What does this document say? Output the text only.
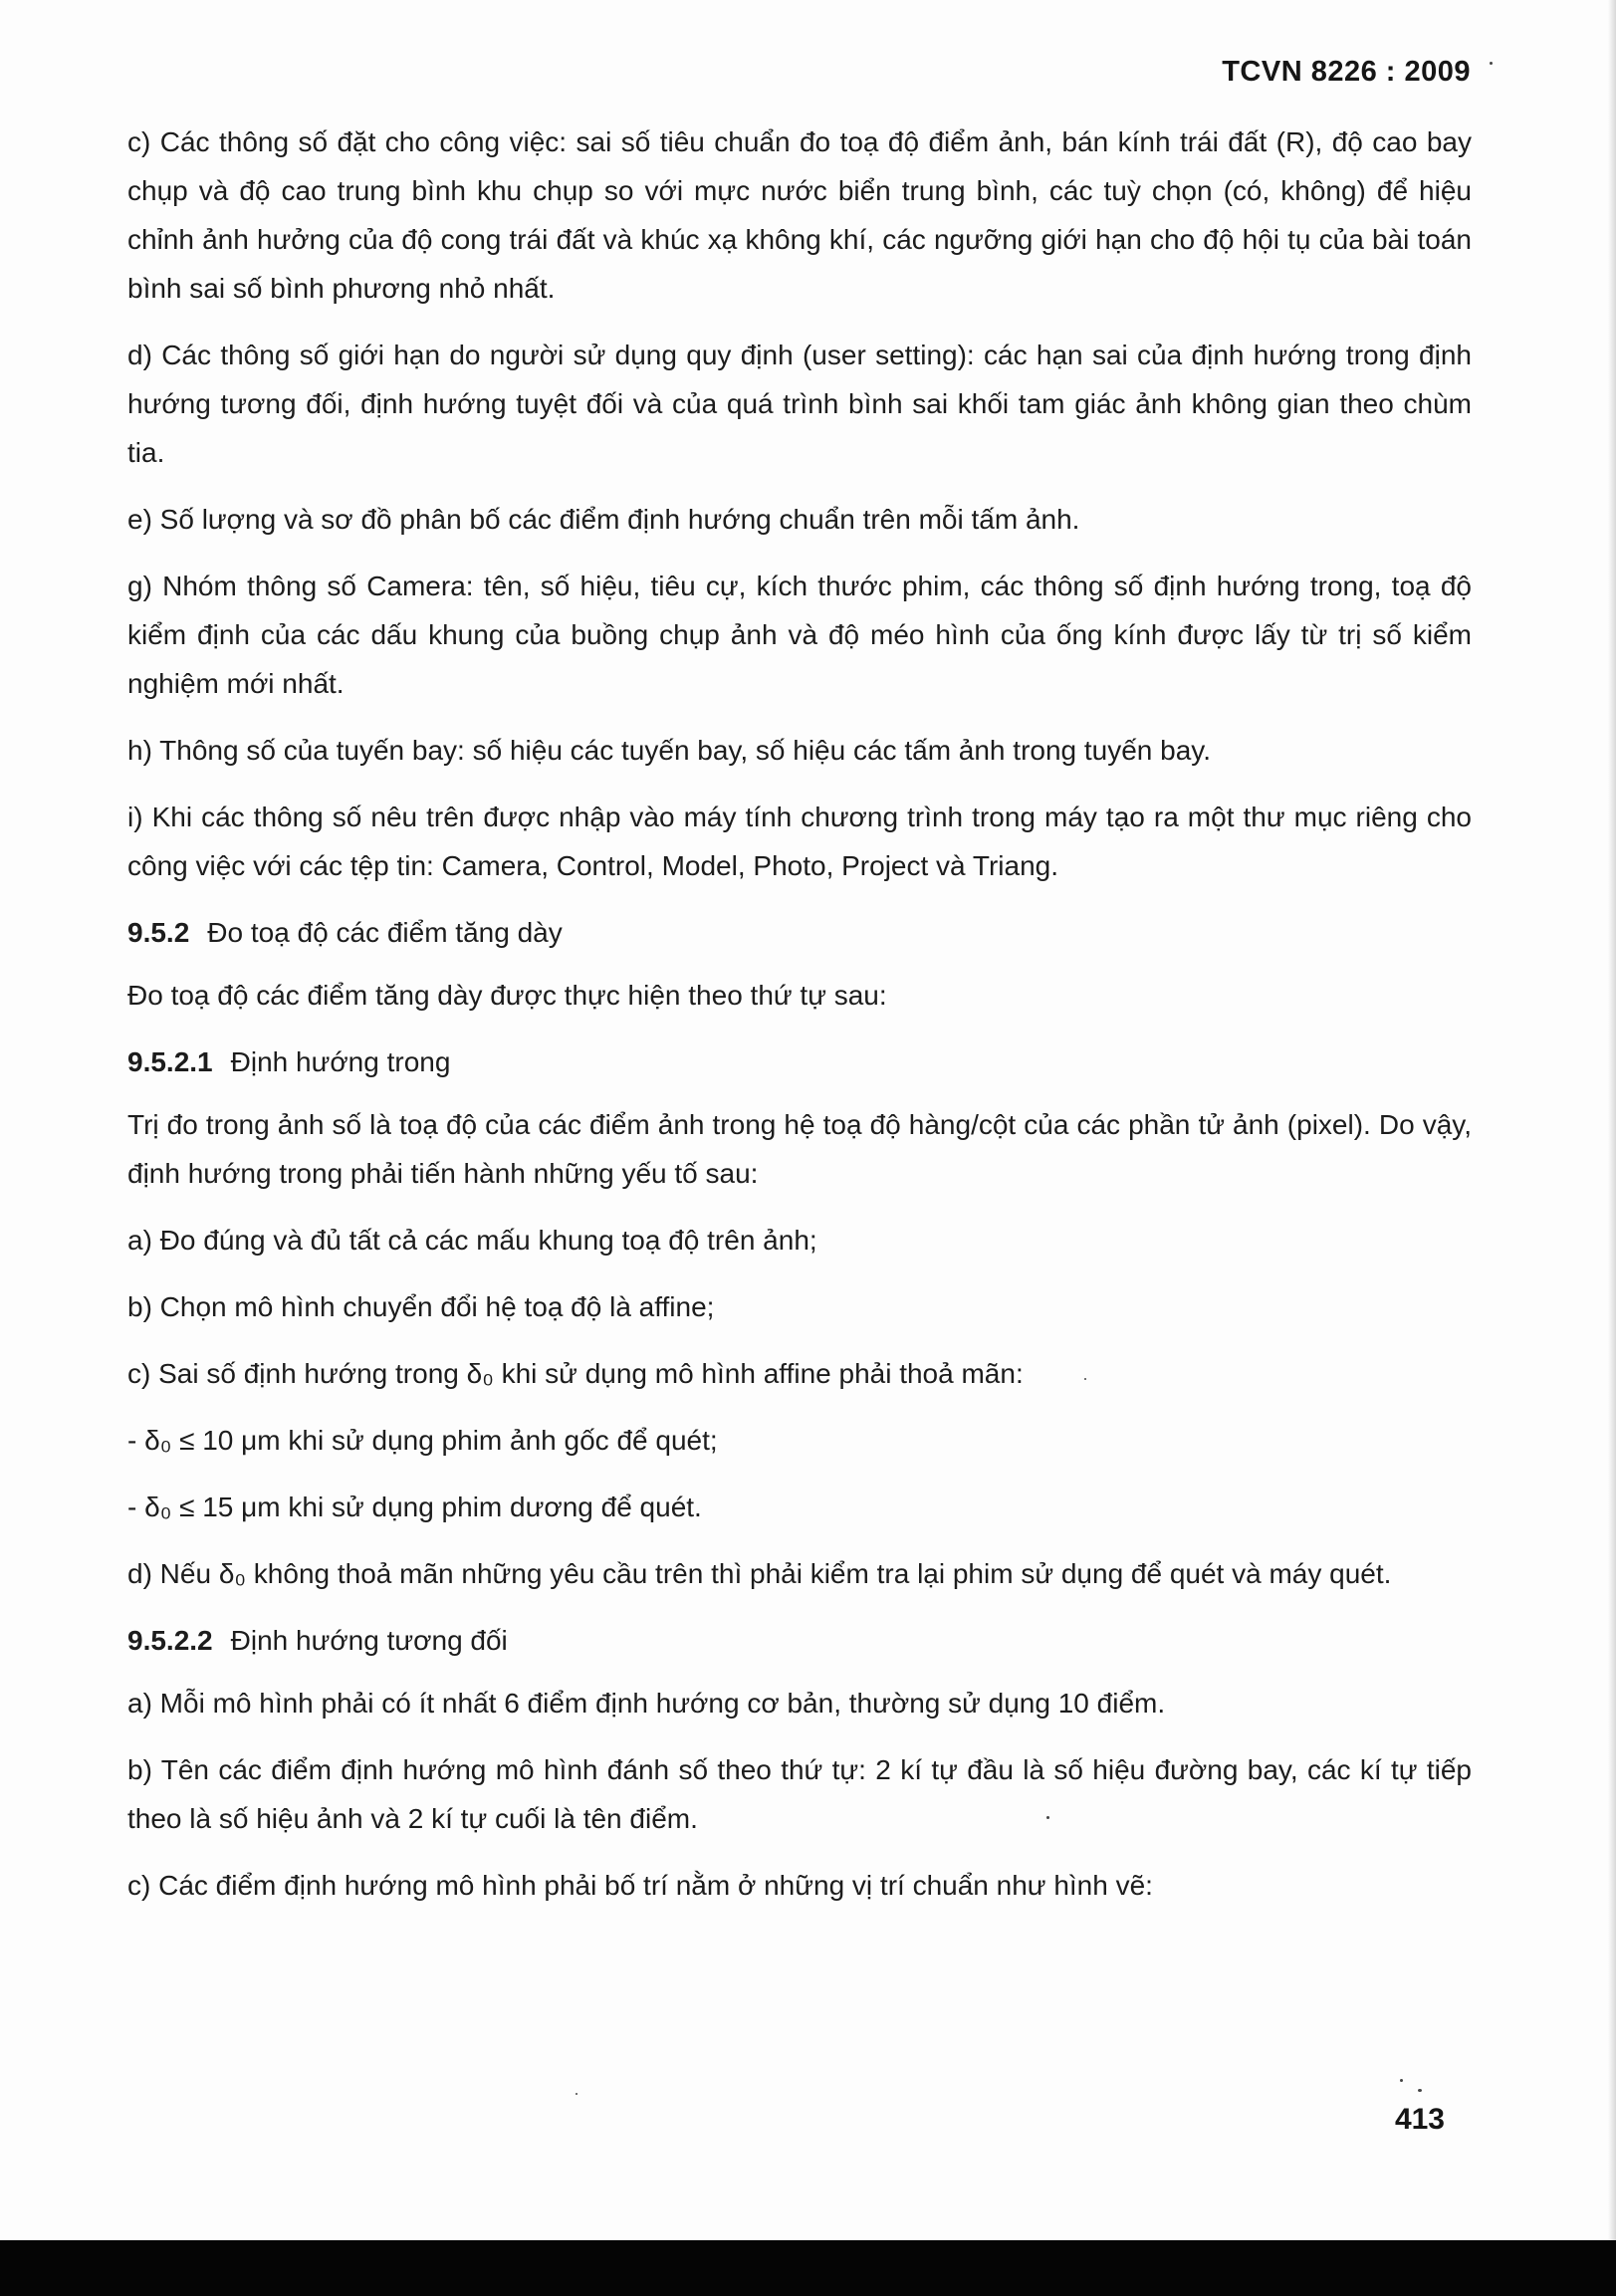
TCVN 8226 : 2009

c) Các thông số đặt cho công việc: sai số tiêu chuẩn đo toạ độ điểm ảnh, bán kính trái đất (R), độ cao bay chụp và độ cao trung bình khu chụp so với mực nước biển trung bình, các tuỳ chọn (có, không) để hiệu chỉnh ảnh hưởng của độ cong trái đất và khúc xạ không khí, các ngưỡng giới hạn cho độ hội tụ của bài toán bình sai số bình phương nhỏ nhất.

d) Các thông số giới hạn do người sử dụng quy định (user setting): các hạn sai của định hướng trong định hướng tương đối, định hướng tuyệt đối và của quá trình bình sai khối tam giác ảnh không gian theo chùm tia.

e) Số lượng và sơ đồ phân bố các điểm định hướng chuẩn trên mỗi tấm ảnh.

g) Nhóm thông số Camera: tên, số hiệu, tiêu cự, kích thước phim, các thông số định hướng trong, toạ độ kiểm định của các dấu khung của buồng chụp ảnh và độ méo hình của ống kính được lấy từ trị số kiểm nghiệm mới nhất.

h) Thông số của tuyến bay: số hiệu các tuyến bay, số hiệu các tấm ảnh trong tuyến bay.

i) Khi các thông số nêu trên được nhập vào máy tính chương trình trong máy tạo ra một thư mục riêng cho công việc với các tệp tin: Camera, Control, Model, Photo, Project và Triang.

9.5.2 Đo toạ độ các điểm tăng dày

Đo toạ độ các điểm tăng dày được thực hiện theo thứ tự sau:

9.5.2.1 Định hướng trong

Trị đo trong ảnh số là toạ độ của các điểm ảnh trong hệ toạ độ hàng/cột của các phần tử ảnh (pixel). Do vậy, định hướng trong phải tiến hành những yếu tố sau:

a) Đo đúng và đủ tất cả các mấu khung toạ độ trên ảnh;

b) Chọn mô hình chuyển đổi hệ toạ độ là affine;

c) Sai số định hướng trong δ₀ khi sử dụng mô hình affine phải thoả mãn:

- δ₀ ≤ 10 μm khi sử dụng phim ảnh gốc để quét;

- δ₀ ≤ 15 μm khi sử dụng phim dương để quét.

d) Nếu δ₀ không thoả mãn những yêu cầu trên thì phải kiểm tra lại phim sử dụng để quét và máy quét.

9.5.2.2 Định hướng tương đối

a) Mỗi mô hình phải có ít nhất 6 điểm định hướng cơ bản, thường sử dụng 10 điểm.

b) Tên các điểm định hướng mô hình đánh số theo thứ tự: 2 kí tự đầu là số hiệu đường bay, các kí tự tiếp theo là số hiệu ảnh và 2 kí tự cuối là tên điểm.

c) Các điểm định hướng mô hình phải bố trí nằm ở những vị trí chuẩn như hình vẽ:

413
